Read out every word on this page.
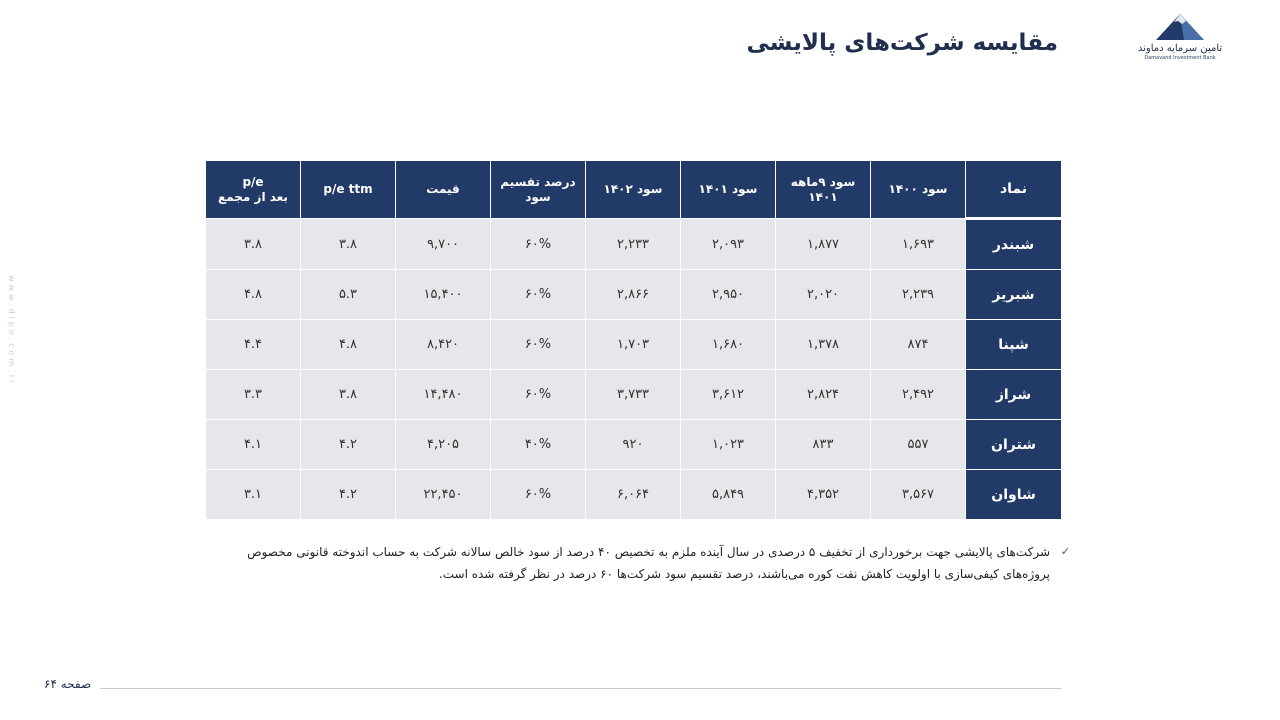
مقایسه شرکت‌های پالایشی	تامین سرمایه دماوند
Damavand Investment Bank
www.dipo.com.ir
p/e
بعد از مجمع	p/e ttm	قیمت	درصد تقسیم سود	سود ۱۴۰۲	سود ۱۴۰۱	سود ۹ماهه ۱۴۰۱	سود ۱۴۰۰	نماد
۳.۸	۳.۸	۹,۷۰۰	۶۰%	۲,۲۳۳	۲,۰۹۳	۱,۸۷۷	۱,۶۹۳	شبندر
۴.۸	۵.۳	۱۵,۴۰۰	۶۰%	۲,۸۶۶	۲,۹۵۰	۲,۰۲۰	۲,۲۳۹	شبریز
۴.۴	۴.۸	۸,۴۲۰	۶۰%	۱,۷۰۳	۱,۶۸۰	۱,۳۷۸	۸۷۴	شپنا
۳.۳	۳.۸	۱۴,۴۸۰	۶۰%	۳,۷۳۳	۳,۶۱۲	۲,۸۲۴	۲,۴۹۲	شراز
۴.۱	۴.۲	۴,۲۰۵	۴۰%	۹۲۰	۱,۰۲۳	۸۳۳	۵۵۷	شتران
۳.۱	۴.۲	۲۲,۴۵۰	۶۰%	۶,۰۶۴	۵,۸۴۹	۴,۳۵۲	۳,۵۶۷	شاوان
✓
شرکت‌های پالایشی جهت برخورداری از تخفیف ۵ درصدی در سال آینده ملزم به تخصیص ۴۰ درصد از سود خالص سالانه شرکت به حساب اندوخته قانونی مخصوص پروژه‌های کیفی‌سازی با اولویت کاهش نفت کوره می‌باشند، درصد تقسیم سود شرکت‌ها ۶۰ درصد در نظر گرفته شده است.
صفحه ۶۴
